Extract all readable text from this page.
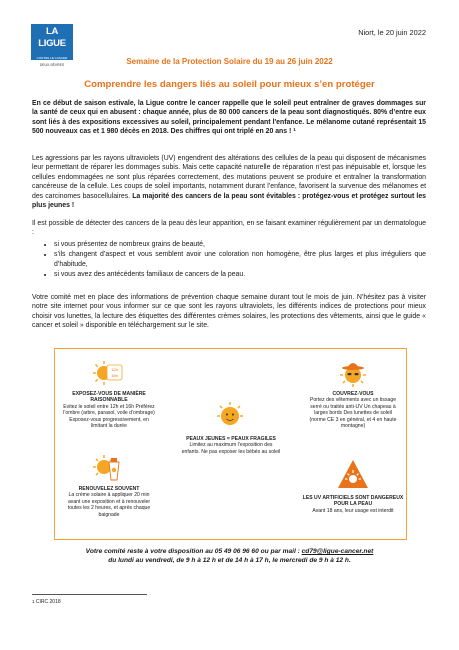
LA LIGUE
CONTRE LE CANCER
DEUX-SÈVRES
Niort, le 20 juin 2022
Semaine de la Protection Solaire du 19 au 26 juin 2022
Comprendre les dangers liés au soleil pour mieux s’en protéger
En ce début de saison estivale, la Ligue contre le cancer rappelle que le soleil peut entraîner de graves dommages sur la santé de ceux qui en abusent : chaque année, plus de 80 000 cancers de la peau sont diagnostiqués. 80% d’entre eux sont liés à des expositions excessives au soleil, principalement pendant l'enfance. Le mélanome cutané représentait 15 500 nouveaux cas et 1 980 décès en 2018. Des chiffres qui ont triplé en 20 ans ! $^1$
Les agressions par les rayons ultraviolets (UV) engendrent des altérations des cellules de la peau qui disposent de mécanismes leur permettant de réparer les dommages subis. Mais cette capacité naturelle de réparation n’est pas inépuisable et, lorsque les cellules endommagées ne sont plus réparées correctement, des mutations peuvent se produire et entraîner la transformation cancéreuse de la cellule. Les coups de soleil importants, notamment durant l’enfance, favorisent la survenue des mélanomes et des carcinomes basocellulaires. La majorité des cancers de la peau sont évitables : protégez-vous et protégez surtout les plus jeunes !
Il est possible de détecter des cancers de la peau dès leur apparition, en se faisant examiner régulièrement par un dermatologue :
• si vous présentez de nombreux grains de beauté,
• s’ils changent d’aspect et vous semblent avoir une coloration non homogène, être plus larges et plus irréguliers que d’habitude,
• si vous avez des antécédents familiaux de cancers de la peau.
Votre comité met en place des informations de prévention chaque semaine durant tout le mois de juin. N’hésitez pas à visiter notre site internet pour vous informer sur ce que sont les rayons ultraviolets, les différents indices de protections pour mieux choisir vos lunettes, la lecture des étiquettes des différentes crèmes solaires, les protections des vêtements, ainsi que le guide « cancer et soleil » disponible en téléchargement sur le site.
12h
16h
EXPOSEZ-VOUS DE MANIÈRE RAISONNABLE
Evitez le soleil entre 12h et 16h Préférez l’ombre (arbre, parasol, voile d’ombrage) Exposez-vous progressivement, en limitant la durée
COUVREZ-VOUS
Portez des vêtements avec un tissage serré ou traités anti-UV Un chapeau à larges bords Des lunettes de soleil (norme CE 3 en général, et 4 en haute montagne)
PEAUX JEUNES = PEAUX FRAGILES
Limitez au maximum l’exposition des enfants. Ne pas exposer les bébés au soleil
RENOUVELEZ SOUVENT
La crème solaire à appliquer 20 min avant une exposition et à renouveler toutes les 2 heures, et après chaque baignade
LES UV ARTIFICIELS SONT DANGEREUX POUR LA PEAU
Avant 18 ans, leur usage est interdit
Votre comité reste à votre disposition au 05 49 06 96 60 ou par mail : cd79@ligue-cancer.net
du lundi au vendredi, de 9 h à 12 h et de 14 h à 17 h, le mercredi de 9 h à 12 h.
$^1$ CIRC 2018
